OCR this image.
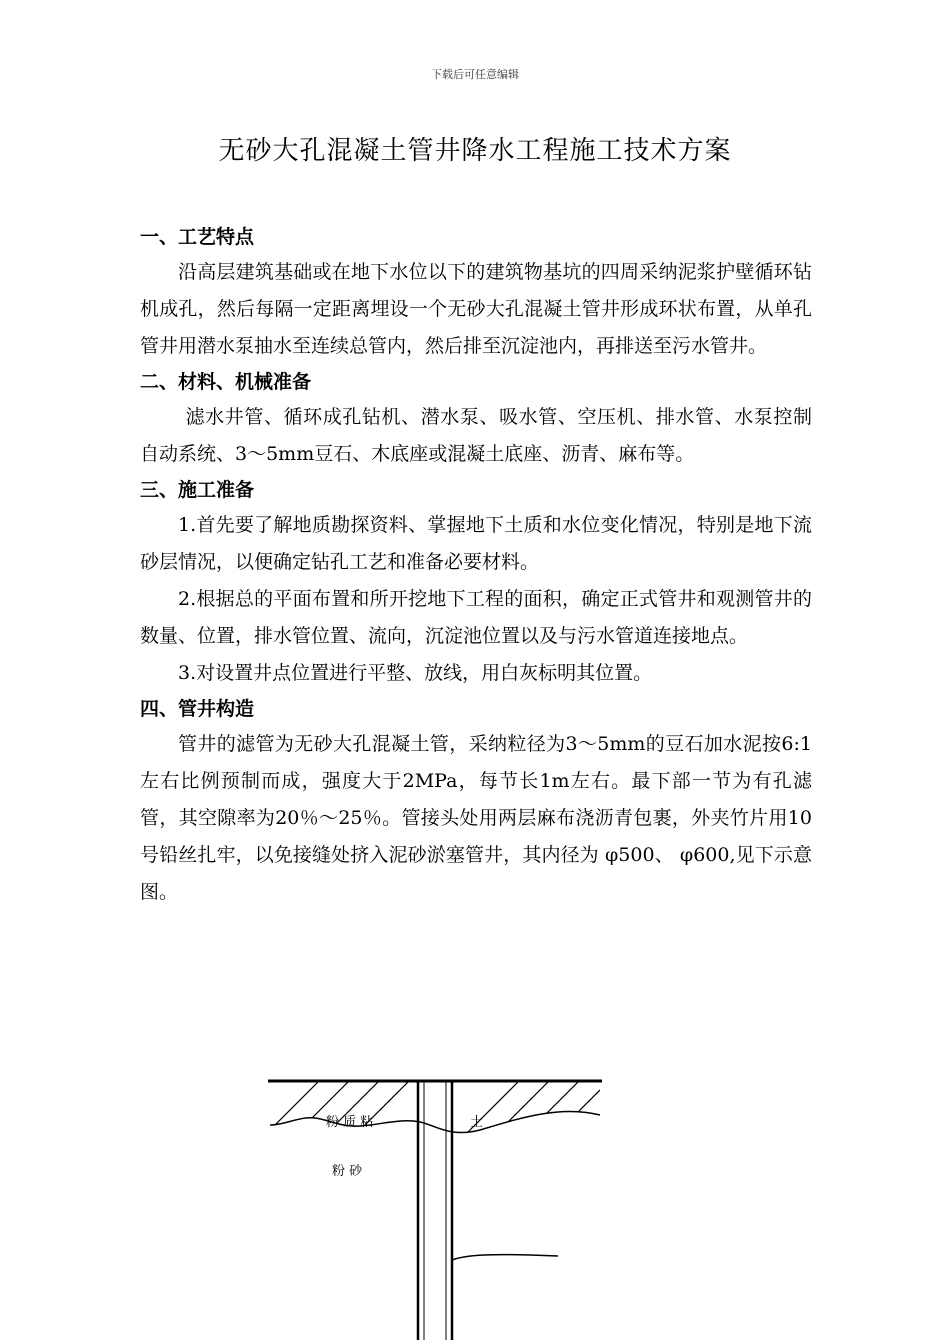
下载后可任意编辑
无砂大孔混凝土管井降水工程施工技术方案
一、工艺特点

沿高层建筑基础或在地下水位以下的建筑物基坑的四周采纳泥浆护壁循环钻机成孔，然后每隔一定距离埋设一个无砂大孔混凝土管井形成环状布置，从单孔管井用潜水泵抽水至连续总管内，然后排至沉淀池内，再排送至污水管井。

二、材料、机械准备

滤水井管、循环成孔钻机、潜水泵、吸水管、空压机、排水管、水泵控制自动系统、3～5mm豆石、木底座或混凝土底座、沥青、麻布等。

三、施工准备

1.首先要了解地质勘探资料、掌握地下土质和水位变化情况，特别是地下流砂层情况，以便确定钻孔工艺和准备必要材料。

2.根据总的平面布置和所开挖地下工程的面积，确定正式管井和观测管井的数量、位置，排水管位置、流向，沉淀池位置以及与污水管道连接地点。

3.对设置井点位置进行平整、放线，用白灰标明其位置。

四、管井构造

管井的滤管为无砂大孔混凝土管，采纳粒径为3～5mm的豆石加水泥按6:1左右比例预制而成，强度大于2MPa，每节长1m左右。最下部一节为有孔滤管，其空隙率为20％～25％。管接头处用两层麻布浇沥青包裹，外夹竹片用10号铅丝扎牢，以免接缝处挤入泥砂淤塞管井，其内径为 φ500、 φ600,见下示意图。

粉 质 粘	土
粉 砂
